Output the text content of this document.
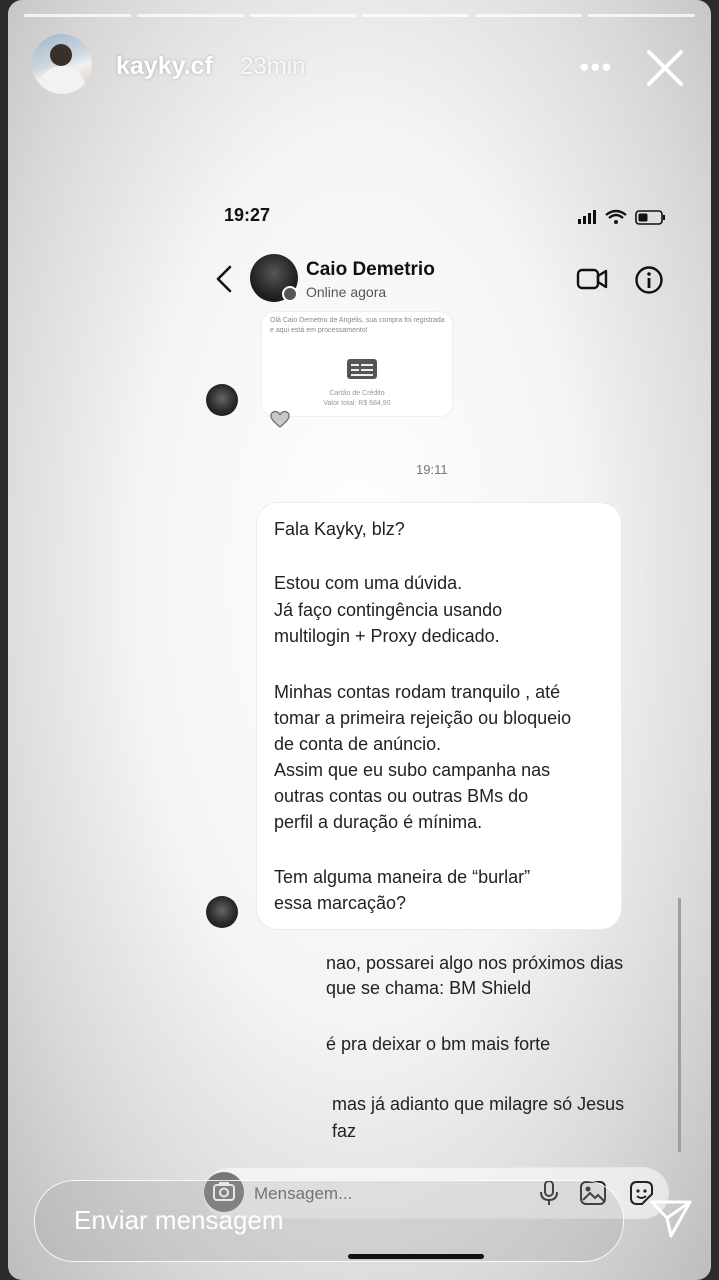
kayky.cf 23min	•••
19:27
Caio Demetrio
Online agora
Olá Caio Demetrio de Angelis, sua compra foi registrada e aqui está em processamento!
Cartão de Crédito
Valor total: R$ 684,90
19:11
Fala Kayky, blz?
Estou com uma dúvida.
Já faço contingência usando
multilogin + Proxy dedicado.
Minhas contas rodam tranquilo , até
tomar a primeira rejeição ou bloqueio
de conta de anúncio.
Assim que eu subo campanha nas
outras contas ou outras BMs do
perfil a duração é mínima.
Tem alguma maneira de “burlar”
essa marcação?
nao, possarei algo nos próximos dias
que se chama: BM Shield
é pra deixar o bm mais forte
mas já adianto que milagre só Jesus
faz
Mensagem...
Enviar mensagem
